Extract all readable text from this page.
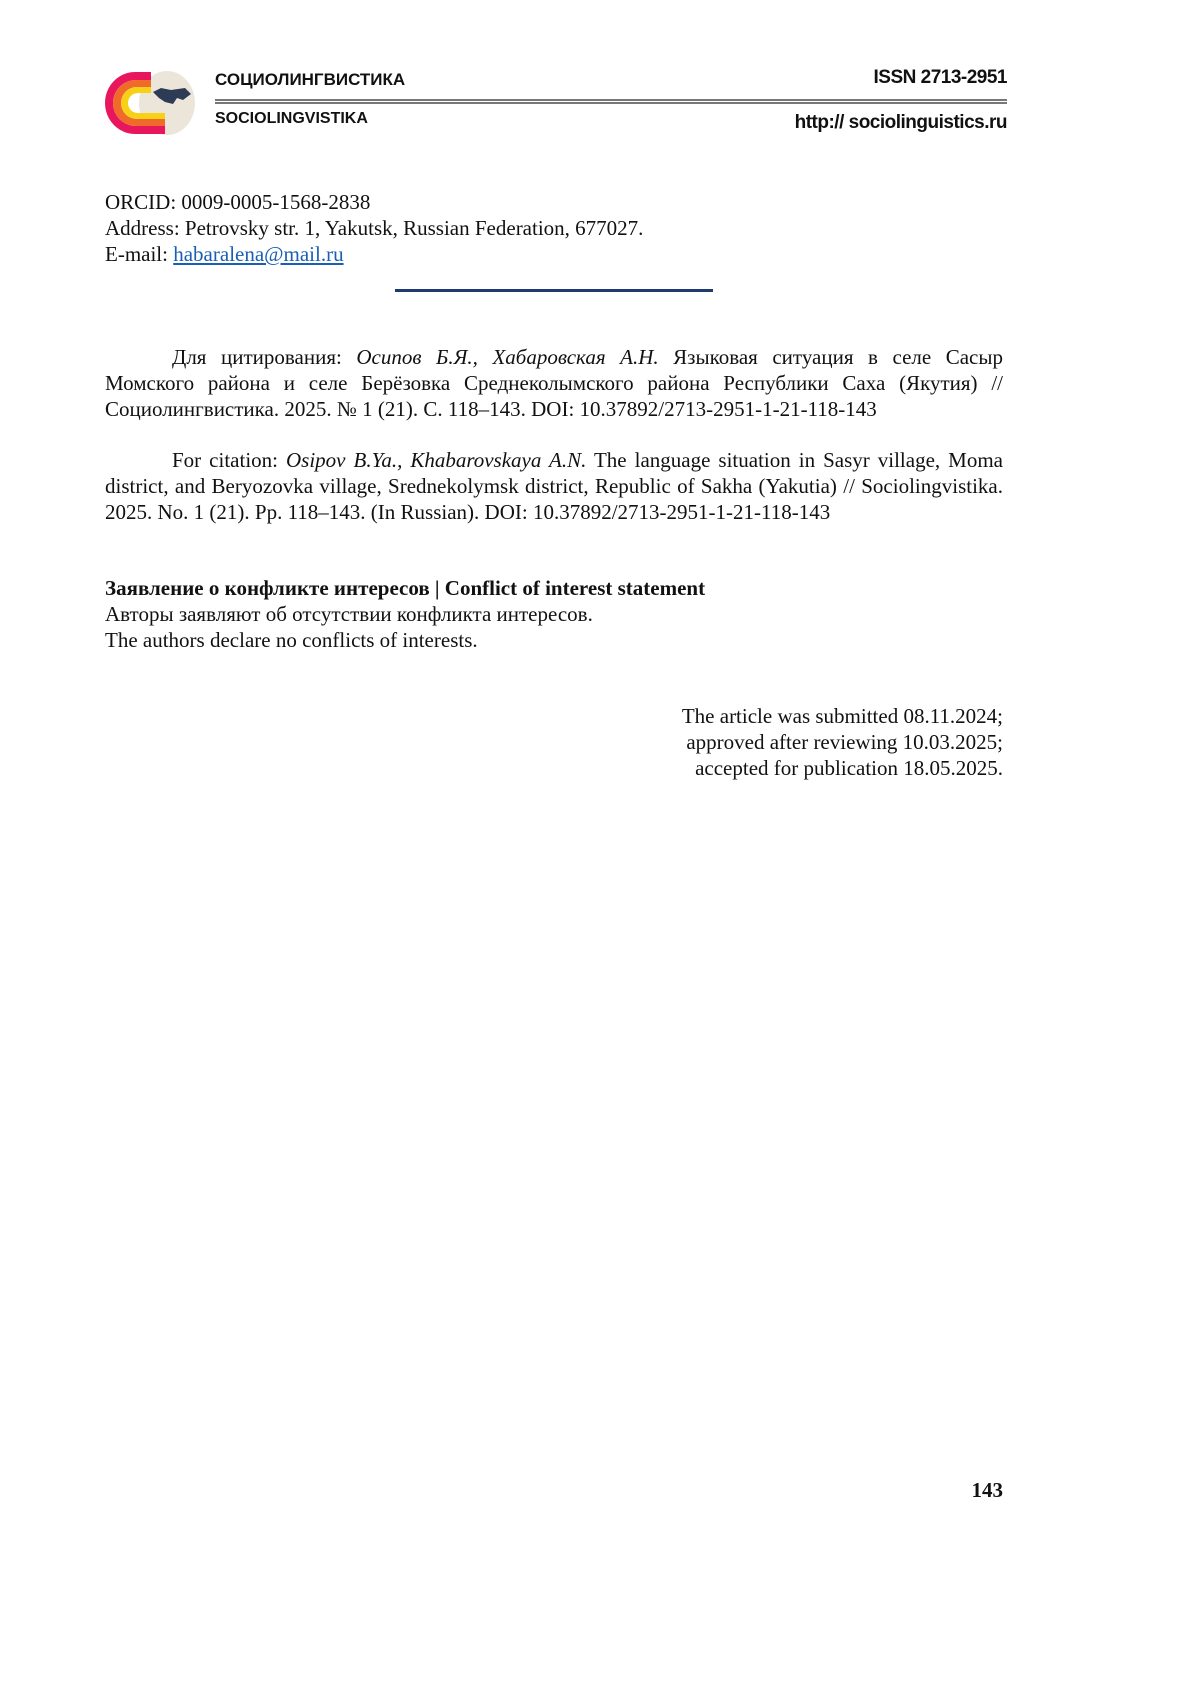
СОЦИОЛИНГВИСТИКА
SOCIOLINGVISTIKA
ISSN 2713-2951
http:// sociolinguistics.ru
ORCID: 0009-0005-1568-2838
Address: Petrovsky str. 1, Yakutsk, Russian Federation, 677027.
E-mail: habaralena@mail.ru
Для цитирования: Осипов Б.Я., Хабаровская А.Н. Языковая ситуация в селе Сасыр Момского района и селе Берёзовка Среднеколымского района Республики Саха (Якутия) // Социолингвистика. 2025. № 1 (21). С. 118–143. DOI: 10.37892/2713-2951-1-21-118-143
For citation: Osipov B.Ya., Khabarovskaya A.N. The language situation in Sasyr village, Moma district, and Beryozovka village, Srednekolymsk district, Republic of Sakha (Yakutia) // Sociolingvistika. 2025. No. 1 (21). Pp. 118–143. (In Russian). DOI: 10.37892/2713-2951-1-21-118-143
Заявление о конфликте интересов | Conflict of interest statement
Авторы заявляют об отсутствии конфликта интересов.
The authors declare no conflicts of interests.
The article was submitted 08.11.2024;
approved after reviewing 10.03.2025;
accepted for publication 18.05.2025.
143
